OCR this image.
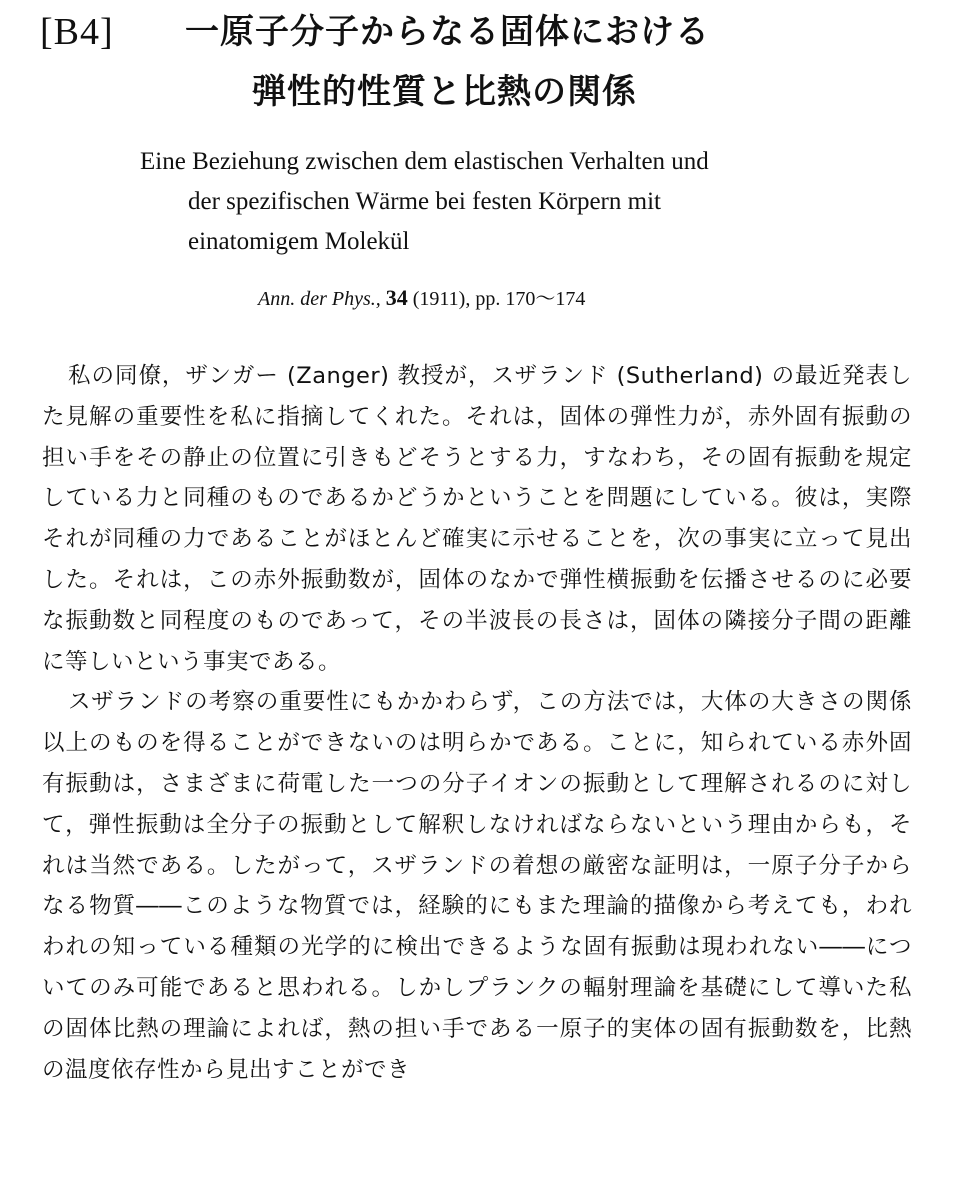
[B4] 一原子分子からなる固体における
弾性的性質と比熱の関係
Eine Beziehung zwischen dem elastischen Verhalten und
der spezifischen Wärme bei festen Körpern mit
einatomigem Molekül
Ann. der Phys., 34 (1911), pp. 170～174

私の同僚，ザンガー (Zanger) 教授が，スザランド (Sutherland) の最近発表した見解の重要性を私に指摘してくれた。それは，固体の弾性力が，赤外固有振動の担い手をその静止の位置に引きもどそうとする力，すなわち，その固有振動を規定している力と同種のものであるかどうかということを問題にしている。彼は，実際それが同種の力であることがほとんど確実に示せることを，次の事実に立って見出した。それは，この赤外振動数が，固体のなかで弾性横振動を伝播させるのに必要な振動数と同程度のものであって，その半波長の長さは，固体の隣接分子間の距離に等しいという事実である。

スザランドの考察の重要性にもかかわらず，この方法では，大体の大きさの関係以上のものを得ることができないのは明らかである。ことに，知られている赤外固有振動は，さまざまに荷電した一つの分子イオンの振動として理解されるのに対して，弾性振動は全分子の振動として解釈しなければならないという理由からも，それは当然である。したがって，スザランドの着想の厳密な証明は，一原子分子からなる物質――このような物質では，経験的にもまた理論的描像から考えても，われわれの知っている種類の光学的に検出できるような固有振動は現われない――についてのみ可能であると思われる。しかしプランクの輻射理論を基礎にして導いた私の固体比熱の理論によれば，熱の担い手である一原子的実体の固有振動数を，比熱の温度依存性から見出すことができ
